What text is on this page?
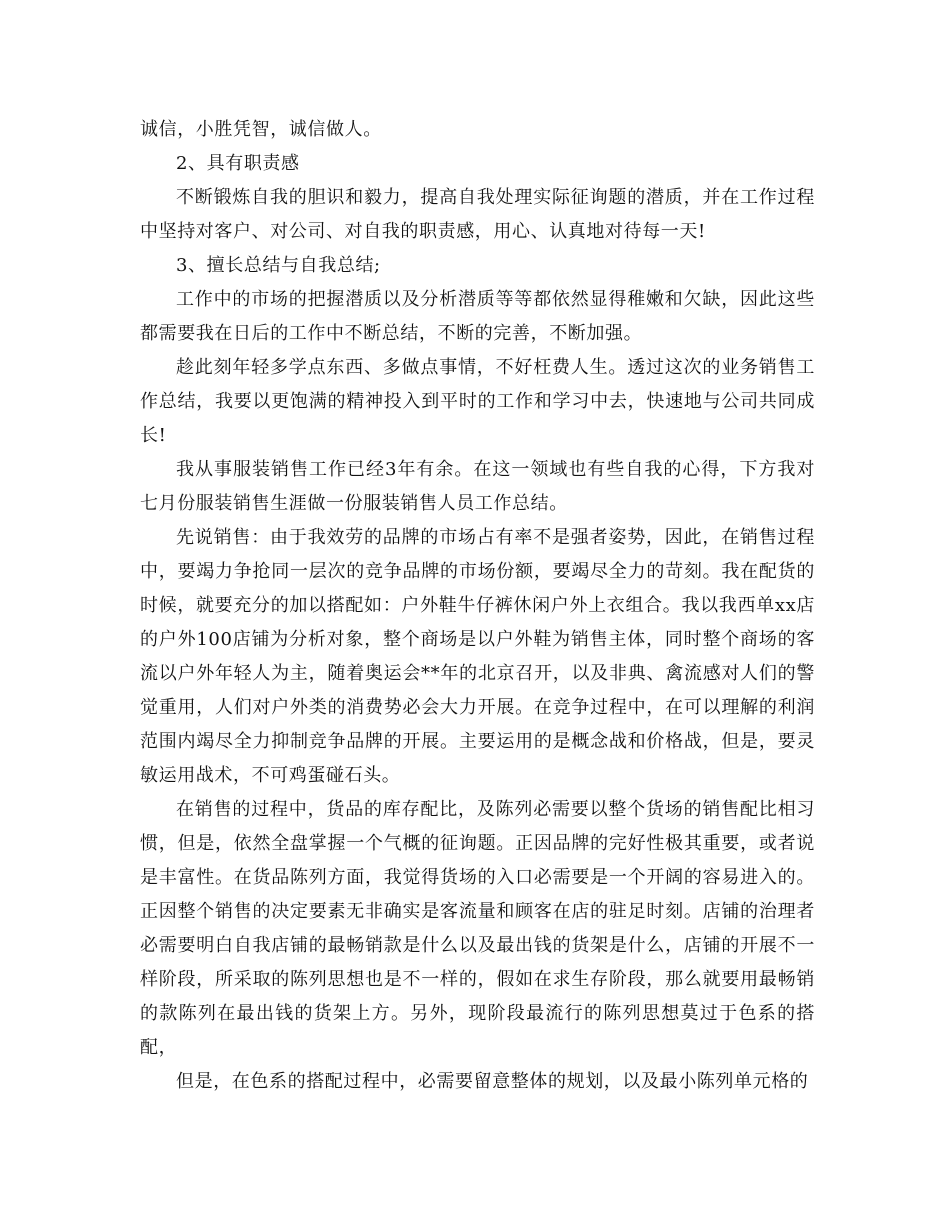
诚信，小胜凭智，诚信做人。

2、具有职责感

不断锻炼自我的胆识和毅力，提高自我处理实际征询题的潜质，并在工作过程中坚持对客户、对公司、对自我的职责感，用心、认真地对待每一天!

3、擅长总结与自我总结;

工作中的市场的把握潜质以及分析潜质等等都依然显得稚嫩和欠缺，因此这些都需要我在日后的工作中不断总结，不断的完善，不断加强。

趁此刻年轻多学点东西、多做点事情，不好枉费人生。透过这次的业务销售工作总结，我要以更饱满的精神投入到平时的工作和学习中去，快速地与公司共同成长!

我从事服装销售工作已经3年有余。在这一领域也有些自我的心得，下方我对七月份服装销售生涯做一份服装销售人员工作总结。

先说销售：由于我效劳的品牌的市场占有率不是强者姿势，因此，在销售过程中，要竭力争抢同一层次的竞争品牌的市场份额，要竭尽全力的苛刻。我在配货的时候，就要充分的加以搭配如：户外鞋牛仔裤休闲户外上衣组合。我以我西单xx店的户外100店铺为分析对象，整个商场是以户外鞋为销售主体，同时整个商场的客流以户外年轻人为主，随着奥运会**年的北京召开，以及非典、禽流感对人们的警觉重用，人们对户外类的消费势必会大力开展。在竞争过程中，在可以理解的利润范围内竭尽全力抑制竞争品牌的开展。主要运用的是概念战和价格战，但是，要灵敏运用战术，不可鸡蛋碰石头。

在销售的过程中，货品的库存配比，及陈列必需要以整个货场的销售配比相习惯，但是，依然全盘掌握一个气概的征询题。正因品牌的完好性极其重要，或者说是丰富性。在货品陈列方面，我觉得货场的入口必需要是一个开阔的容易进入的。正因整个销售的决定要素无非确实是客流量和顾客在店的驻足时刻。店铺的治理者必需要明白自我店铺的最畅销款是什么以及最出钱的货架是什么，店铺的开展不一样阶段，所采取的陈列思想也是不一样的，假如在求生存阶段，那么就要用最畅销的款陈列在最出钱的货架上方。另外，现阶段最流行的陈列思想莫过于色系的搭配，

但是，在色系的搭配过程中，必需要留意整体的规划，以及最小陈列单元格的
